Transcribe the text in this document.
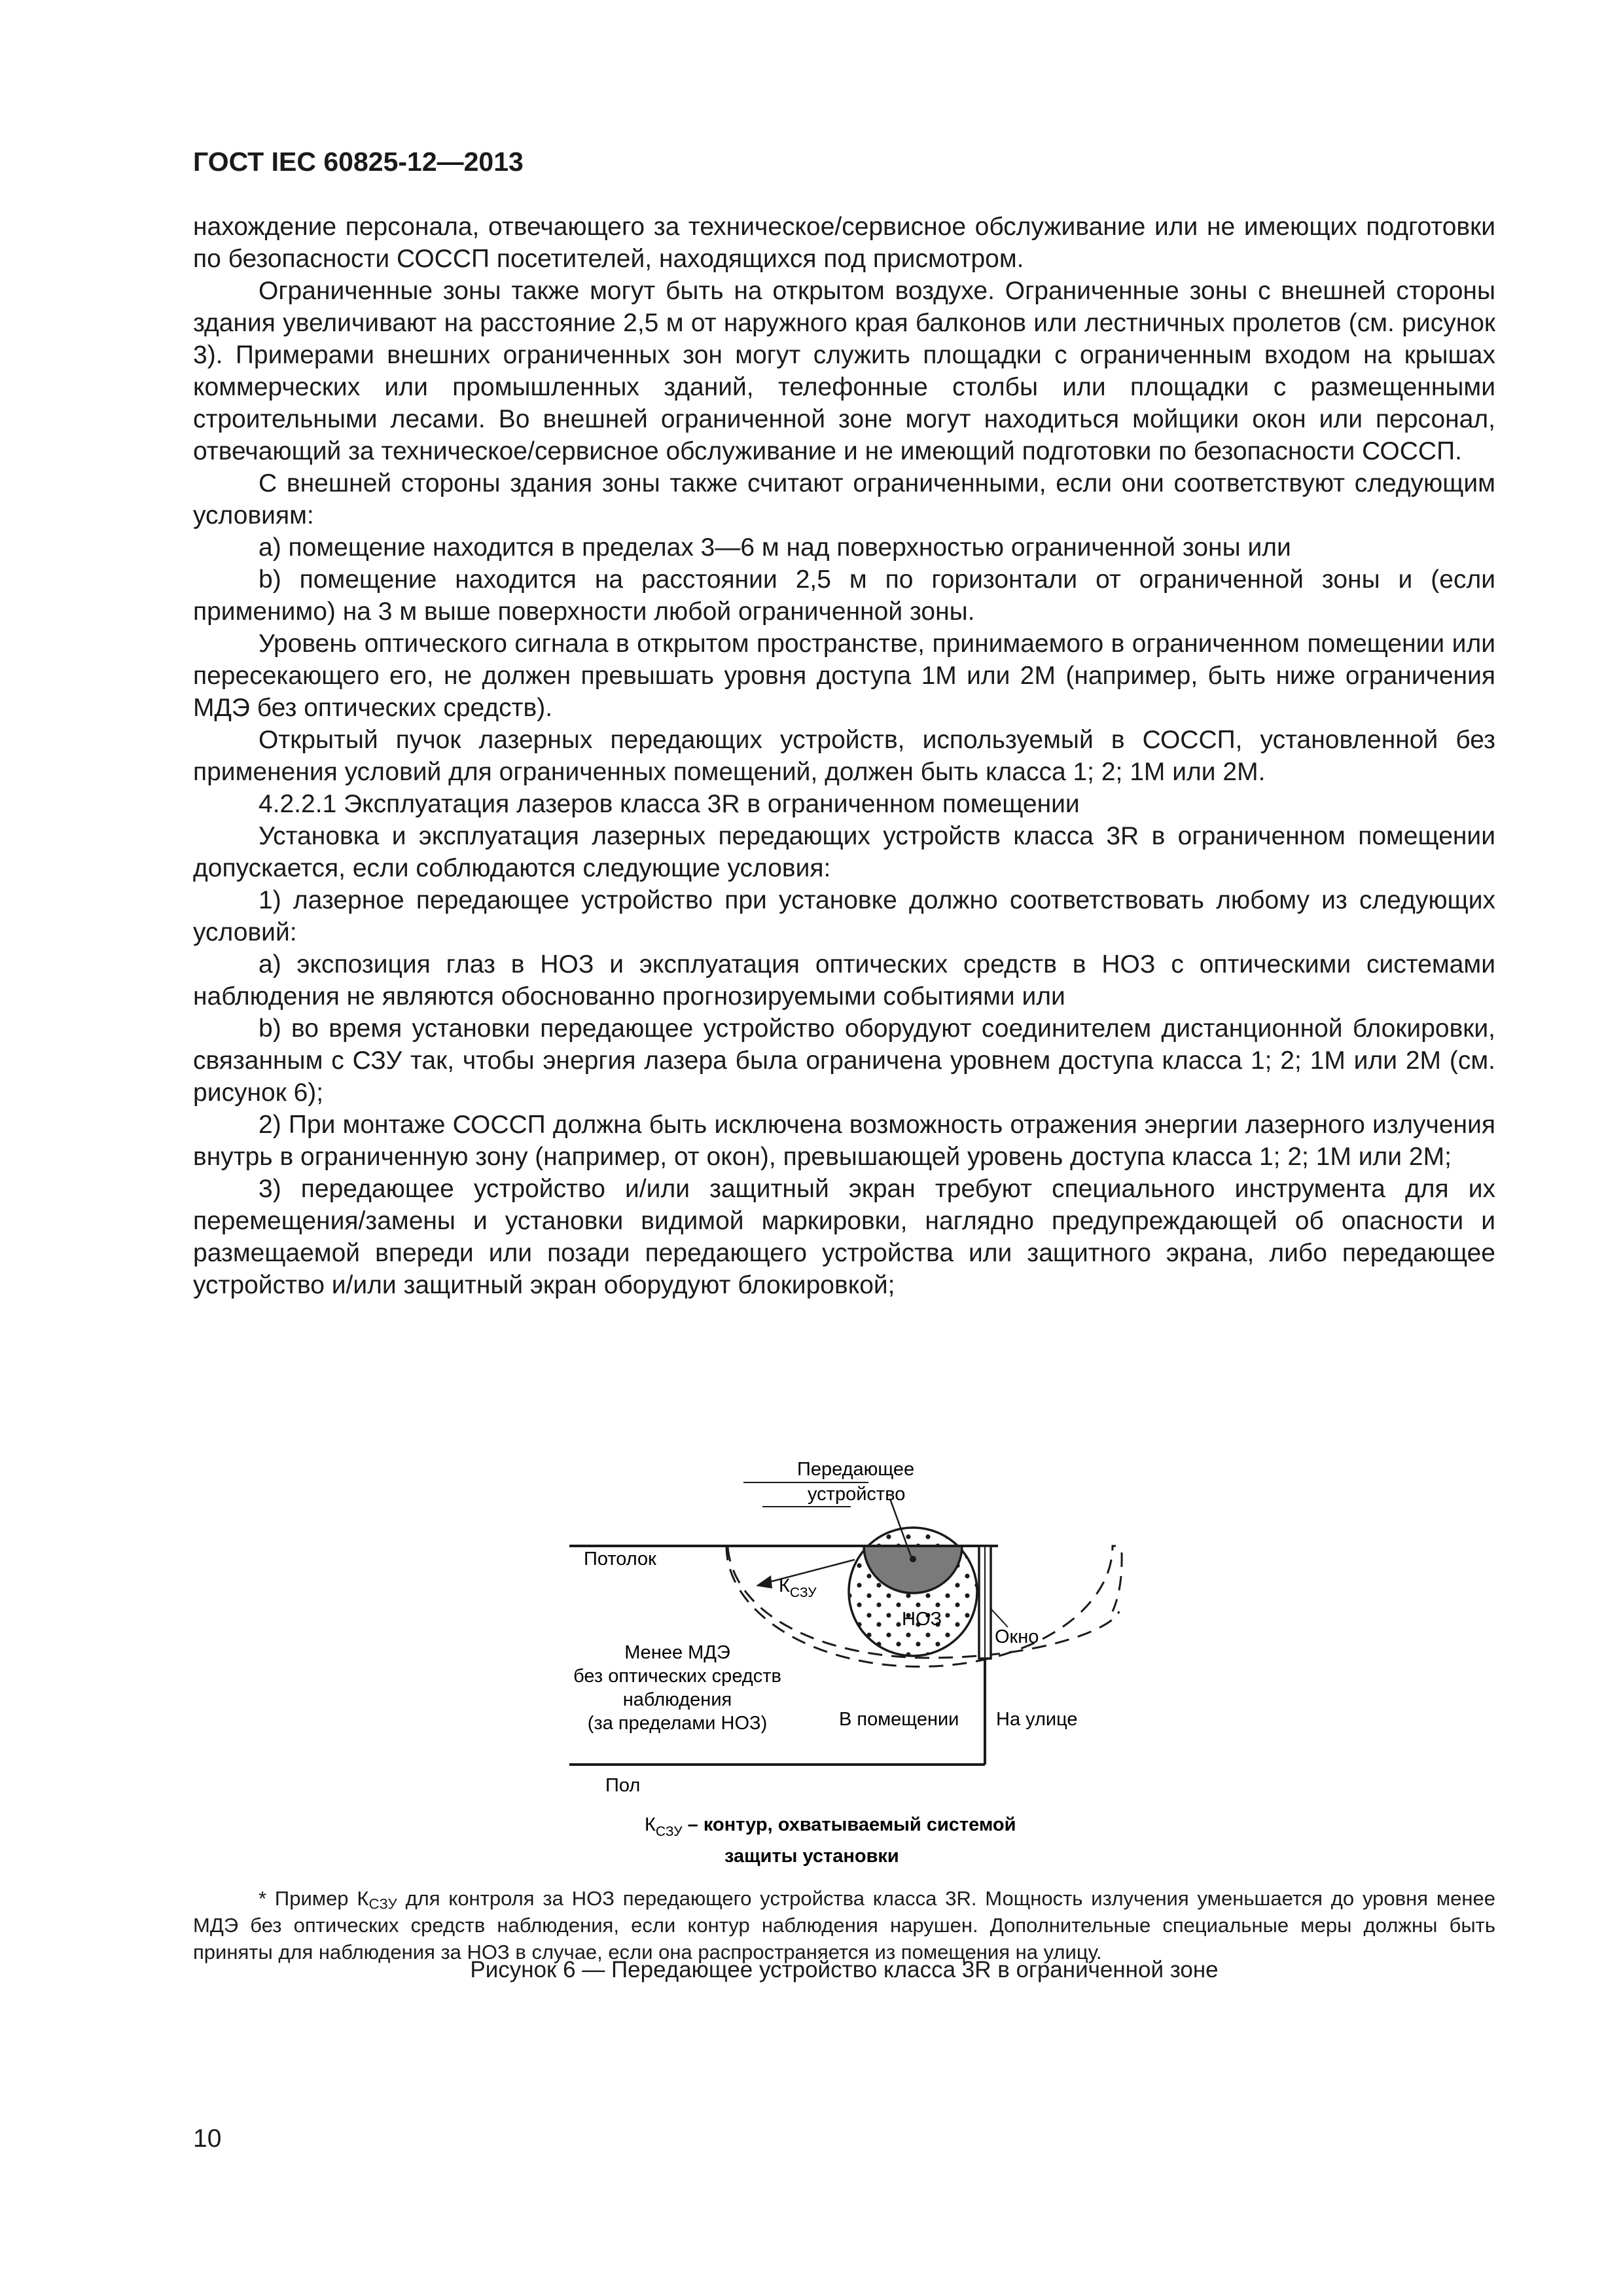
ГОСТ IEC 60825-12—2013

нахождение персонала, отвечающего за техническое/сервисное обслуживание или не имеющих подготовки по безопасности СОССП посетителей, находящихся под присмотром.

Ограниченные зоны также могут быть на открытом воздухе. Ограниченные зоны с внешней стороны здания увеличивают на расстояние 2,5 м от наружного края балконов или лестничных пролетов (см. рисунок 3). Примерами внешних ограниченных зон могут служить площадки с ограниченным входом на крышах коммерческих или промышленных зданий, телефонные столбы или площадки с размещенными строительными лесами. Во внешней ограниченной зоне могут находиться мойщики окон или персонал, отвечающий за техническое/сервисное обслуживание и не имеющий подготовки по безопасности СОССП.

С внешней стороны здания зоны также считают ограниченными, если они соответствуют следующим условиям:

a) помещение находится в пределах 3—6 м над поверхностью ограниченной зоны или

b) помещение находится на расстоянии 2,5 м по горизонтали от ограниченной зоны и (если применимо) на 3 м выше поверхности любой ограниченной зоны.

Уровень оптического сигнала в открытом пространстве, принимаемого в ограниченном помещении или пересекающего его, не должен превышать уровня доступа 1М или 2М (например, быть ниже ограничения МДЭ без оптических средств).

Открытый пучок лазерных передающих устройств, используемый в СОССП, установленной без применения условий для ограниченных помещений, должен быть класса 1; 2; 1М или 2М.

4.2.2.1 Эксплуатация лазеров класса 3R в ограниченном помещении

Установка и эксплуатация лазерных передающих устройств класса 3R в ограниченном помещении допускается, если соблюдаются следующие условия:

1) лазерное передающее устройство при установке должно соответствовать любому из следующих условий:

a) экспозиция глаз в НОЗ и эксплуатация оптических средств в НОЗ с оптическими системами наблюдения не являются обоснованно прогнозируемыми событиями или

b) во время установки передающее устройство оборудуют соединителем дистанционной блокировки, связанным с СЗУ так, чтобы энергия лазера была ограничена уровнем доступа класса 1; 2; 1М или 2М (см. рисунок 6);

2) При монтаже СОССП должна быть исключена возможность отражения энергии лазерного излучения внутрь в ограниченную зону (например, от окон), превышающей уровень доступа класса 1; 2; 1М или 2М;

3) передающее устройство и/или защитный экран требуют специального инструмента для их перемещения/замены и установки видимой маркировки, наглядно предупреждающей об опасности и размещаемой впереди или позади передающего устройства или защитного экрана, либо передающее устройство и/или защитный экран оборудуют блокировкой;

Передающее
устройство
Потолок
$К_{СЗУ}$
НОЗ
Окно
Менее МДЭ
без оптических средств
наблюдения
(за пределами НОЗ)	В помещении На улице
Пол
$К_{СЗУ}$ – контур, охватываемый системой
защиты установки

* Пример $К_{СЗУ}$ для контроля за НОЗ передающего устройства класса 3R. Мощность излучения уменьшается до уровня менее МДЭ без оптических средств наблюдения, если контур наблюдения нарушен. Дополнительные специальные меры должны быть приняты для наблюдения за НОЗ в случае, если она распространяется из помещения на улицу.

Рисунок 6 — Передающее устройство класса 3R в ограниченной зоне
10
